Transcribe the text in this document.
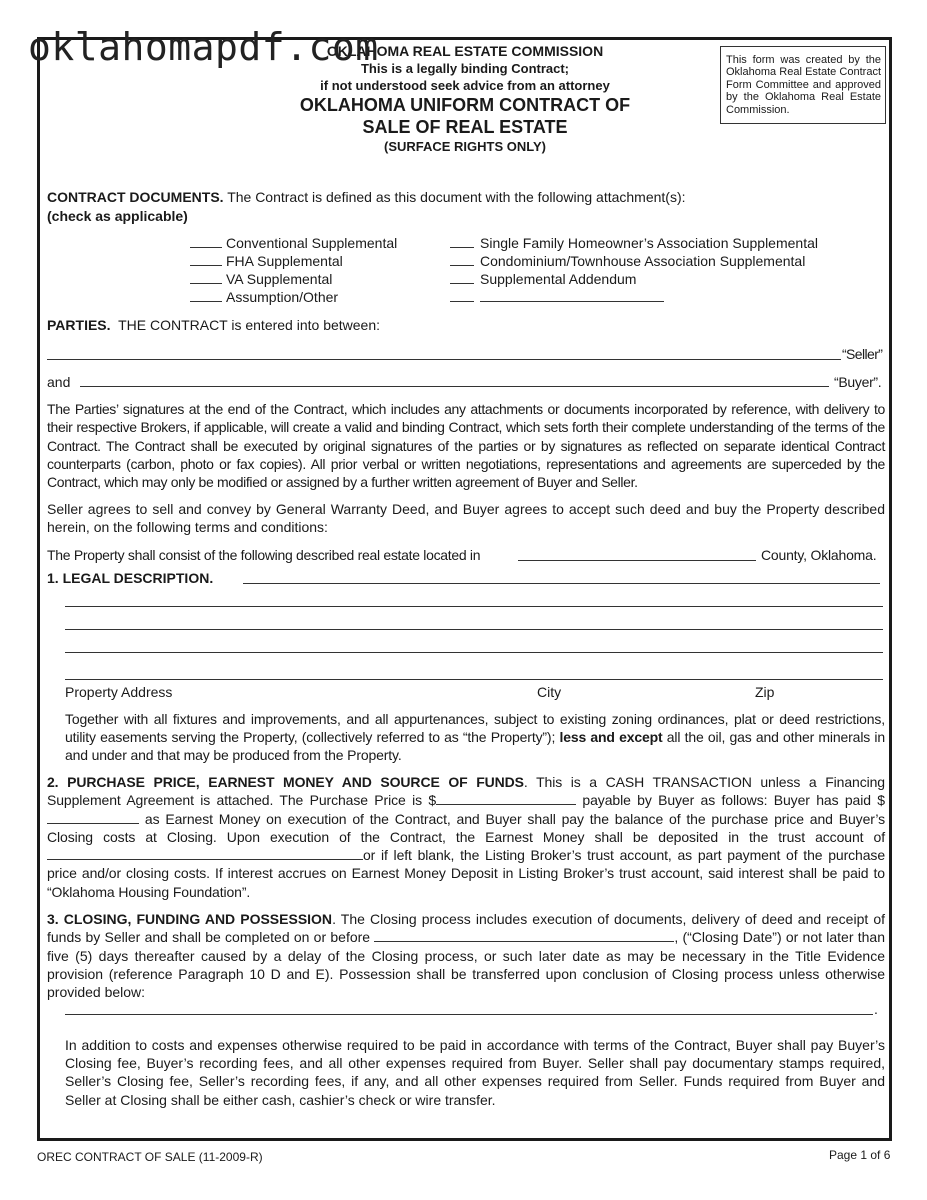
oklahomapdf.com
OKLAHOMA REAL ESTATE COMMISSION
This is a legally binding Contract;
if not understood seek advice from an attorney
OKLAHOMA UNIFORM CONTRACT OF
SALE OF REAL ESTATE
(SURFACE RIGHTS ONLY)
This form was created by the Oklahoma Real Estate Contract Form Committee and approved by the Oklahoma Real Estate Commission.
CONTRACT DOCUMENTS. The Contract is defined as this document with the following attachment(s):
(check as applicable)
Conventional Supplemental
FHA Supplemental
VA Supplemental
Assumption/Other
Single Family Homeowner’s Association Supplemental
Condominium/Townhouse Association Supplemental
Supplemental Addendum
PARTIES. THE CONTRACT is entered into between:
“Seller”
and	“Buyer”.
The Parties’ signatures at the end of the Contract, which includes any attachments or documents incorporated by reference, with delivery to their respective Brokers, if applicable, will create a valid and binding Contract, which sets forth their complete understanding of the terms of the Contract. The Contract shall be executed by original signatures of the parties or by signatures as reflected on separate identical Contract counterparts (carbon, photo or fax copies). All prior verbal or written negotiations, representations and agreements are superceded by the Contract, which may only be modified or assigned by a further written agreement of Buyer and Seller.
Seller agrees to sell and convey by General Warranty Deed, and Buyer agrees to accept such deed and buy the Property described herein, on the following terms and conditions:
The Property shall consist of the following described real estate located in	County, Oklahoma.
1. LEGAL DESCRIPTION.
Property Address	City	Zip
Together with all fixtures and improvements, and all appurtenances, subject to existing zoning ordinances, plat or deed restrictions, utility easements serving the Property, (collectively referred to as “the Property”); less and except all the oil, gas and other minerals in and under and that may be produced from the Property.
2. PURCHASE PRICE, EARNEST MONEY AND SOURCE OF FUNDS. This is a CASH TRANSACTION unless a Financing Supplement Agreement is attached. The Purchase Price is $	payable by Buyer as follows: Buyer has paid $ as Earnest Money on execution of the Contract, and Buyer shall pay the balance of the purchase price and Buyer’s Closing costs at Closing. Upon execution of the Contract, the Earnest Money shall be deposited in the trust account of or if left blank, the Listing Broker’s trust account, as part payment of the purchase price and/or closing costs. If interest accrues on Earnest Money Deposit in Listing Broker’s trust account, said interest shall be paid to “Oklahoma Housing Foundation”.
3. CLOSING, FUNDING AND POSSESSION. The Closing process includes execution of documents, delivery of deed and receipt of funds by Seller and shall be completed on or before	, (“Closing Date”) or not later than five (5) days thereafter caused by a delay of the Closing process, or such later date as may be necessary in the Title Evidence provision (reference Paragraph 10 D and E). Possession shall be transferred upon conclusion of Closing process unless otherwise provided below:
.
In addition to costs and expenses otherwise required to be paid in accordance with terms of the Contract, Buyer shall pay Buyer’s Closing fee, Buyer’s recording fees, and all other expenses required from Buyer. Seller shall pay documentary stamps required, Seller’s Closing fee, Seller’s recording fees, if any, and all other expenses required from Seller. Funds required from Buyer and Seller at Closing shall be either cash, cashier’s check or wire transfer.
OREC CONTRACT OF SALE (11-2009-R)	Page 1 of 6
